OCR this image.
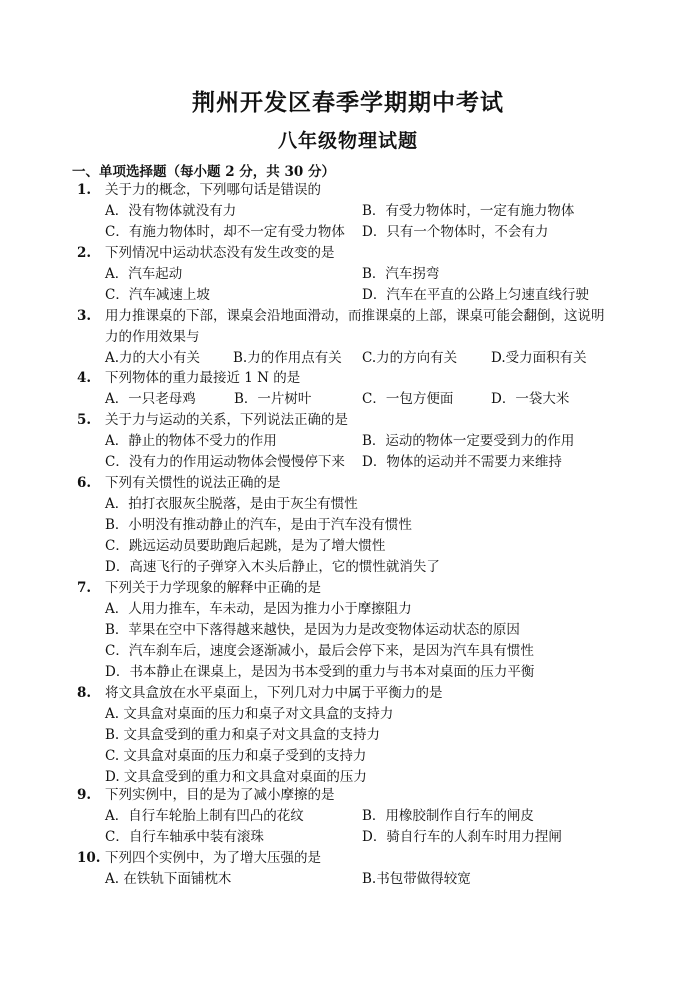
荆州开发区春季学期期中考试
八年级物理试题
一、单项选择题（每小题 2 分，共 30 分）
1. 关于力的概念，下列哪句话是错误的
A．没有物体就没有力	B．有受力物体时，一定有施力物体
C．有施力物体时，却不一定有受力物体 D．只有一个物体时，不会有力
2. 下列情况中运动状态没有发生改变的是
A．汽车起动	B．汽车拐弯
C．汽车减速上坡	D．汽车在平直的公路上匀速直线行驶
3. 用力推课桌的下部，课桌会沿地面滑动，而推课桌的上部，课桌可能会翻倒，这说明
力的作用效果与
A.力的大小有关 B.力的作用点有关 C.力的方向有关	D.受力面积有关
4. 下列物体的重力最接近 1 N 的是
A．一只老母鸡	B．一片树叶	C．一包方便面	D．一袋大米
5. 关于力与运动的关系，下列说法正确的是
A．静止的物体不受力的作用	B．运动的物体一定要受到力的作用
C．没有力的作用运动物体会慢慢停下来 D．物体的运动并不需要力来维持
6. 下列有关惯性的说法正确的是
A．拍打衣服灰尘脱落，是由于灰尘有惯性
B．小明没有推动静止的汽车，是由于汽车没有惯性
C．跳远运动员要助跑后起跳，是为了增大惯性
D．高速飞行的子弹穿入木头后静止，它的惯性就消失了
7. 下列关于力学现象的解释中正确的是
A．人用力推车，车未动，是因为推力小于摩擦阻力
B．苹果在空中下落得越来越快，是因为力是改变物体运动状态的原因
C．汽车刹车后，速度会逐渐减小，最后会停下来，是因为汽车具有惯性
D．书本静止在课桌上，是因为书本受到的重力与书本对桌面的压力平衡
8. 将文具盒放在水平桌面上，下列几对力中属于平衡力的是
A. 文具盒对桌面的压力和桌子对文具盒的支持力
B. 文具盒受到的重力和桌子对文具盒的支持力
C. 文具盒对桌面的压力和桌子受到的支持力
D. 文具盒受到的重力和文具盒对桌面的压力
9. 下列实例中，目的是为了减小摩擦的是
A．自行车轮胎上制有凹凸的花纹	B．用橡胶制作自行车的闸皮
C．自行车轴承中装有滚珠	D．骑自行车的人刹车时用力捏闸
10. 下列四个实例中，为了增大压强的是
A. 在铁轨下面铺枕木	B.书包带做得较宽
